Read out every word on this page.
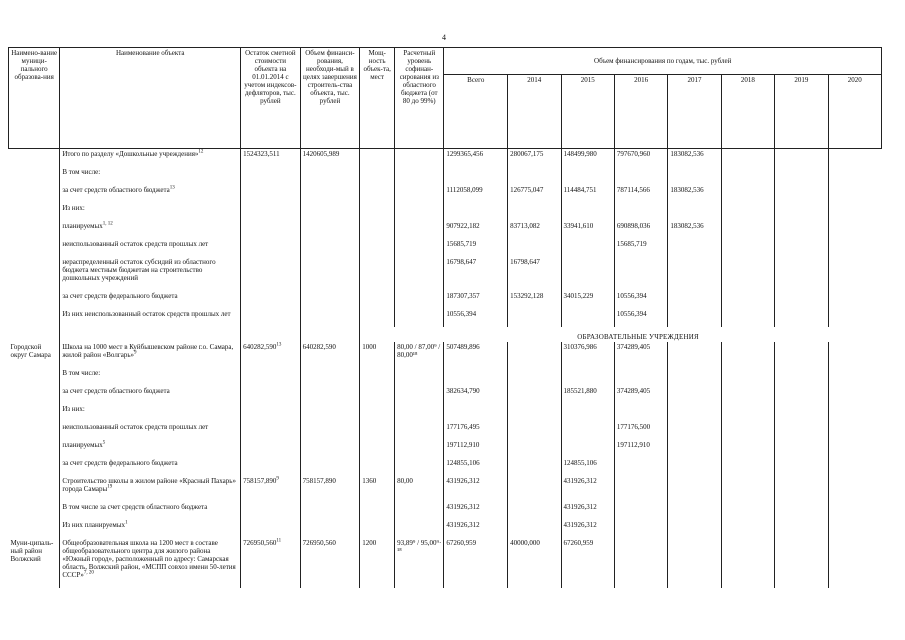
4
Наимено-вание муници-пального образова-ния	Наименование объекта	Остаток сметной стоимости объекта на 01.01.2014 с учетом индексов-дефляторов, тыс. рублей	Объем финанси-рования, необходи-мый в целях завершения строитель-ства объекта, тыс. рублей	Мощ-ность объек-та, мест	Расчетный уровень софинан-сирования из областного бюджета (от 80 до 99%)	Объем финансирования по годам, тыс. рублей							
						Всего	2014	2015	2016	2017	2018	2019	2020
	Итого по разделу «Дошкольные учреждения»$^{12}$	1524323,511	1420605,989			1299365,456	280067,175	148499,980	797670,960	183082,536			

	В том числе:												

	за счет средств областного бюджета$^{13}$					1112058,099	126775,047	114484,751	787114,566	183082,536			

	Из них:												

	планируемых$^{1, 12}$					907922,182	83713,082	33941,610	690898,036	183082,536			

	неиспользованный остаток средств прошлых лет					15685,719			15685,719				

	нераспределенный остаток субсидий из областного бюджета местным бюджетам на строительство дошкольных учреждений					16798,647	16798,647						

	за счет средств федерального бюджета					187307,357	153292,128	34015,229	10556,394				

	Из них неиспользованный остаток средств прошлых лет					10556,394			10556,394				

					ОБРАЗОВАТЕЛЬНЫЕ УЧРЕЖДЕНИЯ								
Городской округ Самара	Школа на 1000 мест в Куйбышевском районе г.о. Самара, жилой район «Волгарь»$^9$	640282,590$^{13}$	640282,590	1000	80,00 / 87,00⁹ / 80,00¹⁸	507489,896		310376,986	374289,405				

	В том числе:												

	за счет средств областного бюджета					382634,790		185521,880	374289,405				

	Из них:												

	неиспользованный остаток средств прошлых лет					177176,495			177176,500				

	планируемых$^5$					197112,910			197112,910				

	за счет средств федерального бюджета					124855,106		124855,106					

	Строительство школы в жилом районе «Красный Пахарь» города Самары$^{19}$	758157,890$^9$	758157,890	1360	80,00	431926,312		431926,312					

	В том числе за счет средств областного бюджета					431926,312		431926,312					

	Из них планируемых$^1$					431926,312		431926,312					

Муни-ципаль-ный район Волжский	Общеобразовательная школа на 1200 мест в составе общеобразовательного центра для жилого района «Южный город», расположенный по адресу: Самарская область, Волжский район, «МСПП совхоз имени 50-летия СССР»$^{7, 20}$	726950,560$^{11}$	726950,560	1200	93,89⁹ / 95,00⁹· ¹⁸	67260,959	40000,000	67260,959					
